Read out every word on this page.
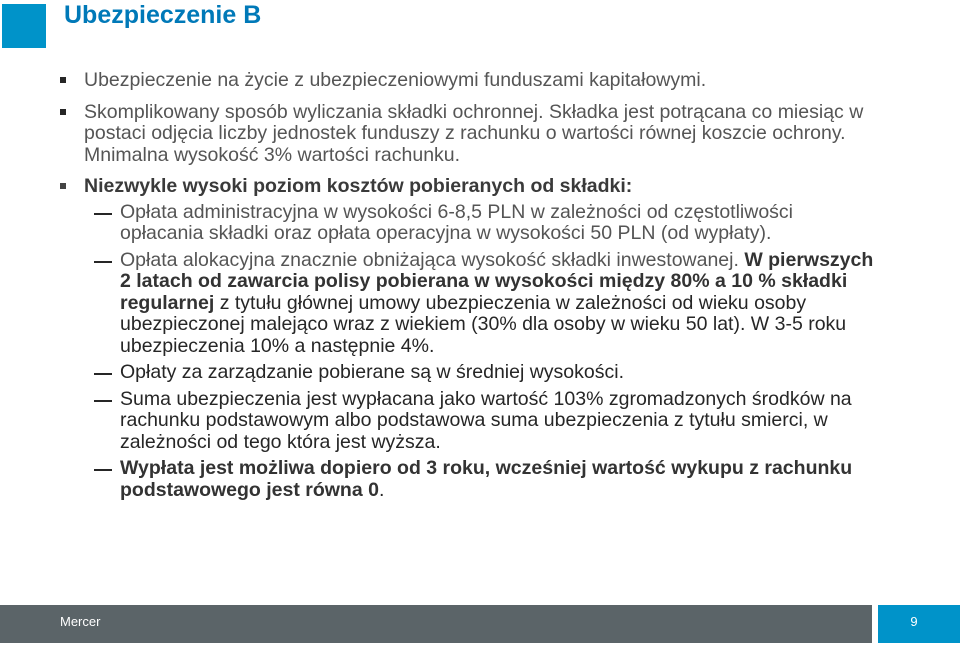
Ubezpieczenie B
Ubezpieczenie na życie z ubezpieczeniowymi funduszami kapitałowymi.
Skomplikowany sposób wyliczania składki ochronnej. Składka jest potrącana co miesiąc w postaci odjęcia liczby jednostek funduszy z rachunku o wartości równej koszcie ochrony. Mnimalna wysokość 3% wartości rachunku.
Niezwykle wysoki poziom kosztów pobieranych od składki:
Opłata administracyjna w wysokości 6-8,5 PLN w zależności od częstotliwości opłacania składki oraz opłata operacyjna w wysokości 50 PLN (od wypłaty).
Opłata alokacyjna znacznie obniżająca wysokość składki inwestowanej. W pierwszych 2 latach od zawarcia polisy pobierana w wysokości między 80% a 10 % składki regularnej z tytułu głównej umowy ubezpieczenia w zależności od wieku osoby ubezpieczonej malejąco wraz z wiekiem (30% dla osoby w wieku 50 lat). W 3-5 roku ubezpieczenia 10% a następnie 4%.
Opłaty za zarządzanie pobierane są w średniej wysokości.
Suma ubezpieczenia jest wypłacana jako wartość 103% zgromadzonych środków na rachunku podstawowym albo podstawowa suma ubezpieczenia z tytułu smierci, w zależności od tego która jest wyższa.
Wypłata jest możliwa dopiero od 3 roku, wcześniej wartość wykupu z rachunku podstawowego jest równa 0.
Mercer	9
